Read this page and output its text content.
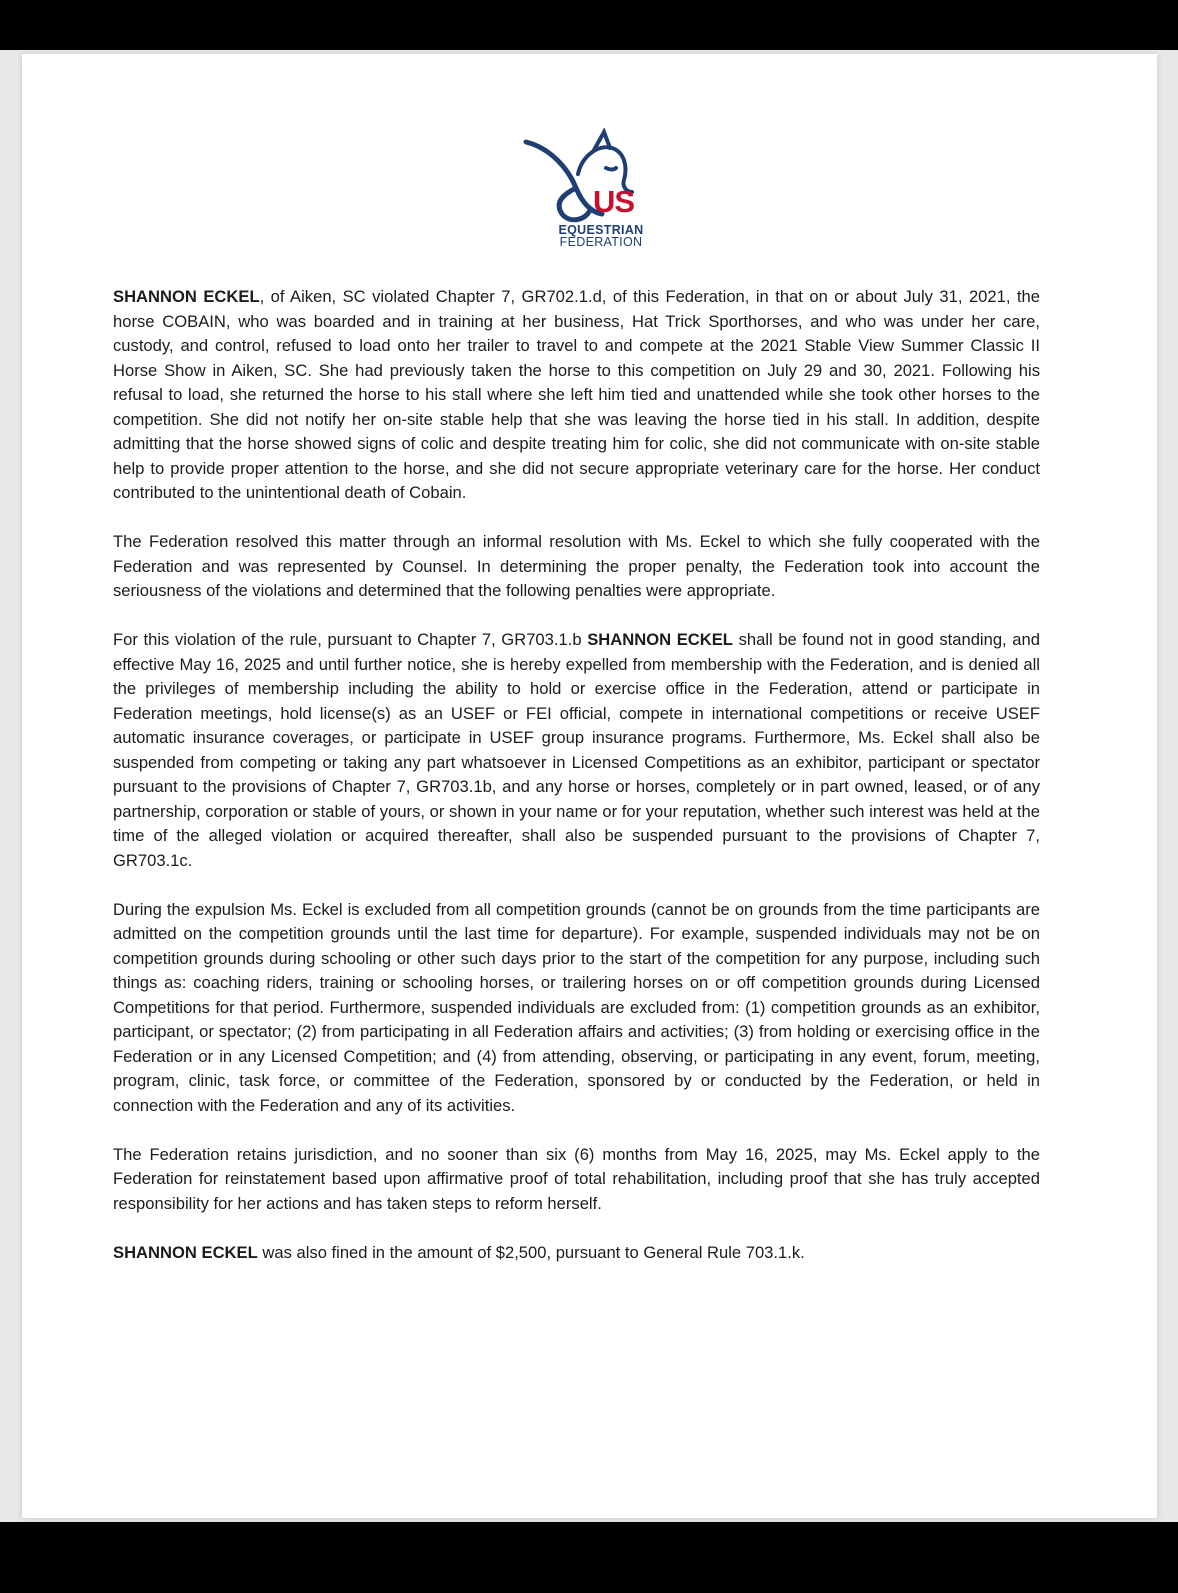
US
EQUESTRIAN
FEDERATION

SHANNON ECKEL, of Aiken, SC violated Chapter 7, GR702.1.d, of this Federation, in that on or about July 31, 2021, the horse COBAIN, who was boarded and in training at her business, Hat Trick Sporthorses, and who was under her care, custody, and control, refused to load onto her trailer to travel to and compete at the 2021 Stable View Summer Classic II Horse Show in Aiken, SC. She had previously taken the horse to this competition on July 29 and 30, 2021. Following his refusal to load, she returned the horse to his stall where she left him tied and unattended while she took other horses to the competition. She did not notify her on-site stable help that she was leaving the horse tied in his stall. In addition, despite admitting that the horse showed signs of colic and despite treating him for colic, she did not communicate with on-site stable help to provide proper attention to the horse, and she did not secure appropriate veterinary care for the horse. Her conduct contributed to the unintentional death of Cobain.

The Federation resolved this matter through an informal resolution with Ms. Eckel to which she fully cooperated with the Federation and was represented by Counsel. In determining the proper penalty, the Federation took into account the seriousness of the violations and determined that the following penalties were appropriate.

For this violation of the rule, pursuant to Chapter 7, GR703.1.b SHANNON ECKEL shall be found not in good standing, and effective May 16, 2025 and until further notice, she is hereby expelled from membership with the Federation, and is denied all the privileges of membership including the ability to hold or exercise office in the Federation, attend or participate in Federation meetings, hold license(s) as an USEF or FEI official, compete in international competitions or receive USEF automatic insurance coverages, or participate in USEF group insurance programs. Furthermore, Ms. Eckel shall also be suspended from competing or taking any part whatsoever in Licensed Competitions as an exhibitor, participant or spectator pursuant to the provisions of Chapter 7, GR703.1b, and any horse or horses, completely or in part owned, leased, or of any partnership, corporation or stable of yours, or shown in your name or for your reputation, whether such interest was held at the time of the alleged violation or acquired thereafter, shall also be suspended pursuant to the provisions of Chapter 7, GR703.1c.

During the expulsion Ms. Eckel is excluded from all competition grounds (cannot be on grounds from the time participants are admitted on the competition grounds until the last time for departure). For example, suspended individuals may not be on competition grounds during schooling or other such days prior to the start of the competition for any purpose, including such things as: coaching riders, training or schooling horses, or trailering horses on or off competition grounds during Licensed Competitions for that period. Furthermore, suspended individuals are excluded from: (1) competition grounds as an exhibitor, participant, or spectator; (2) from participating in all Federation affairs and activities; (3) from holding or exercising office in the Federation or in any Licensed Competition; and (4) from attending, observing, or participating in any event, forum, meeting, program, clinic, task force, or committee of the Federation, sponsored by or conducted by the Federation, or held in connection with the Federation and any of its activities.

The Federation retains jurisdiction, and no sooner than six (6) months from May 16, 2025, may Ms. Eckel apply to the Federation for reinstatement based upon affirmative proof of total rehabilitation, including proof that she has truly accepted responsibility for her actions and has taken steps to reform herself.

SHANNON ECKEL was also fined in the amount of $2,500, pursuant to General Rule 703.1.k.
